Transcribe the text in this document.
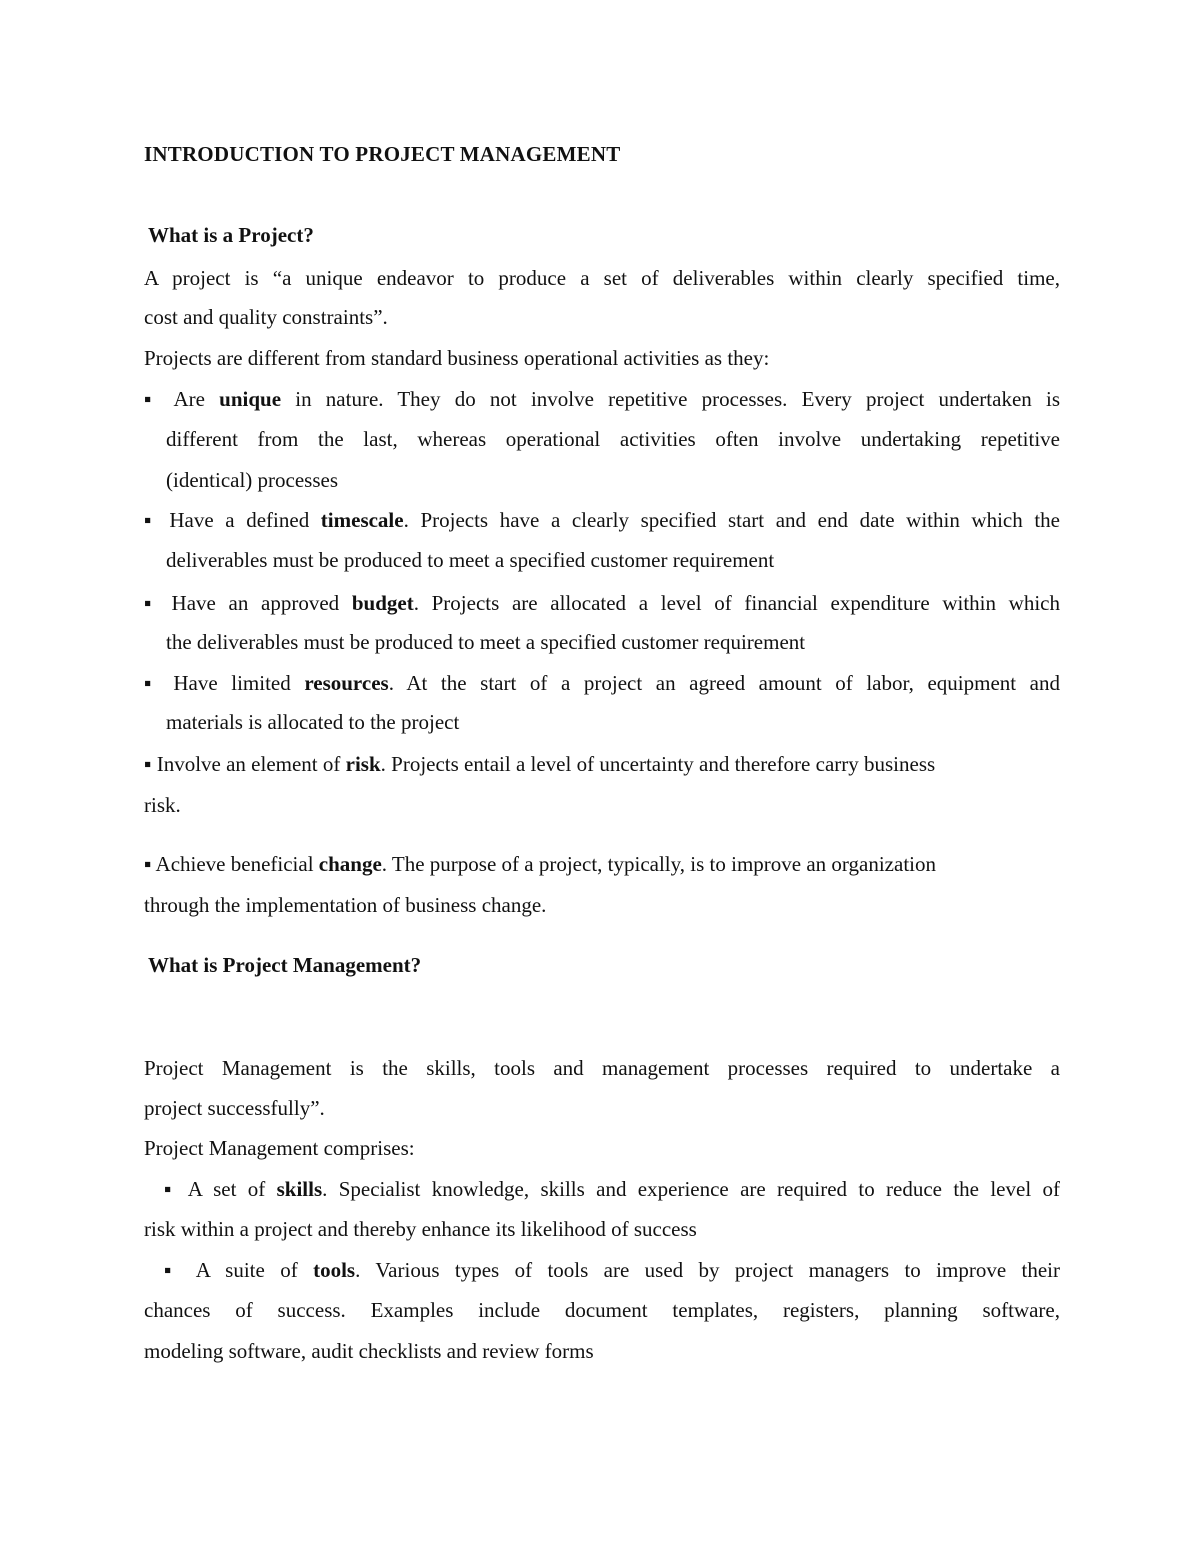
INTRODUCTION TO PROJECT MANAGEMENT
What is a Project?
A project is “a unique endeavor to produce a set of deliverables within clearly specified time,
cost and quality constraints”.
Projects are different from standard business operational activities as they:
▪ Are unique in nature. They do not involve repetitive processes. Every project undertaken is
different from the last, whereas operational activities often involve undertaking repetitive
(identical) processes
▪ Have a defined timescale. Projects have a clearly specified start and end date within which the
deliverables must be produced to meet a specified customer requirement
▪ Have an approved budget. Projects are allocated a level of financial expenditure within which
the deliverables must be produced to meet a specified customer requirement
▪ Have limited resources. At the start of a project an agreed amount of labor, equipment and
materials is allocated to the project
▪ Involve an element of risk. Projects entail a level of uncertainty and therefore carry business
risk.
▪ Achieve beneficial change. The purpose of a project, typically, is to improve an organization
through the implementation of business change.
What is Project Management?
Project Management is the skills, tools and management processes required to undertake a
project successfully”.
Project Management comprises:
▪ A set of skills. Specialist knowledge, skills and experience are required to reduce the level of
risk within a project and thereby enhance its likelihood of success
▪ A suite of tools. Various types of tools are used by project managers to improve their
chances of success. Examples include document templates, registers, planning software,
modeling software, audit checklists and review forms
